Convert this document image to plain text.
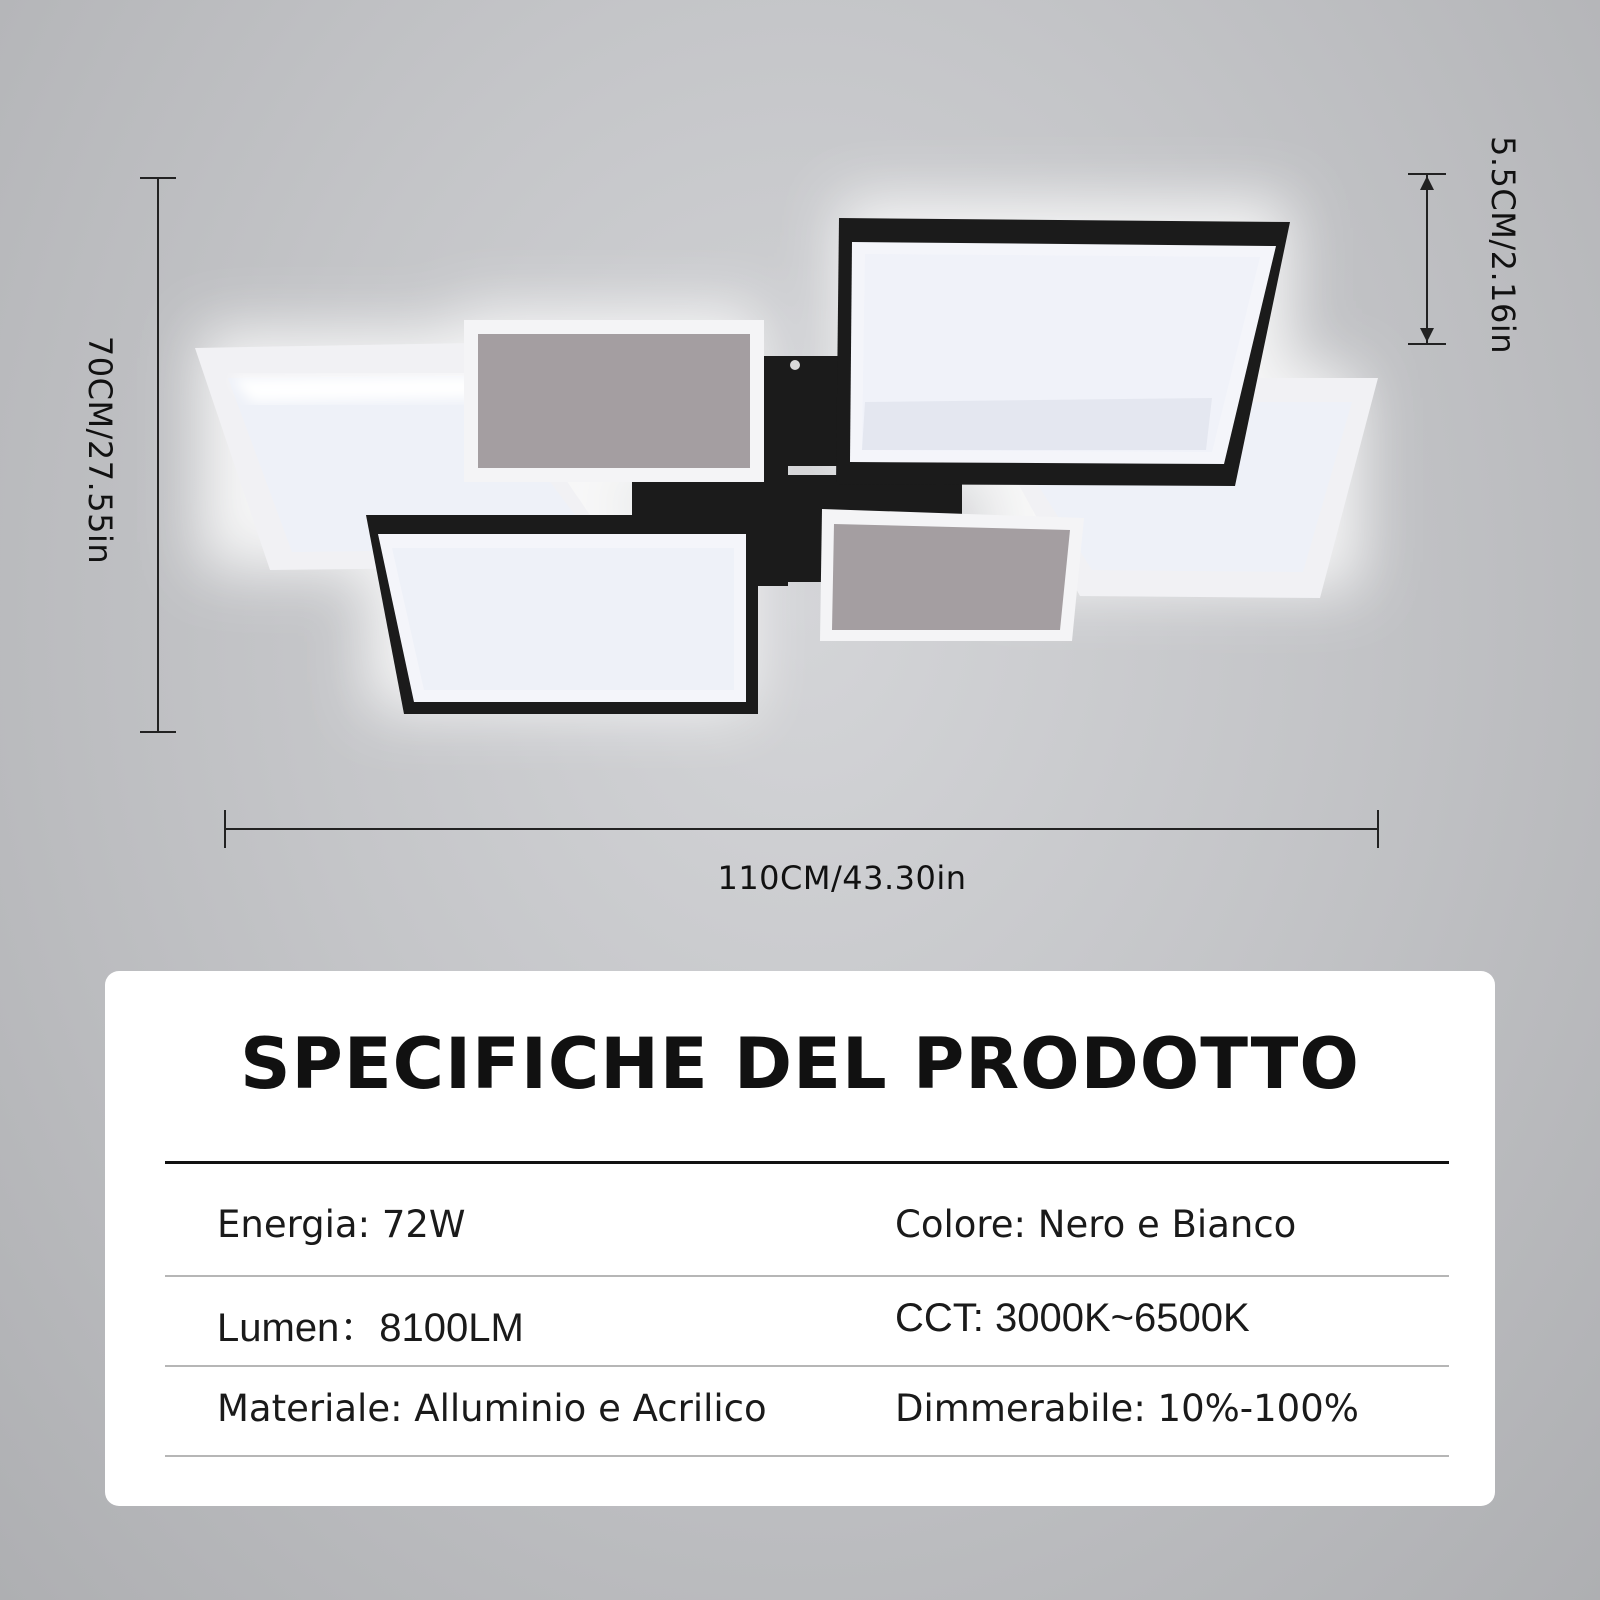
70CM/27.55in
5.5CM/2.16in
110CM/43.30in
SPECIFICHE DEL PRODOTTO
Energia: 72W	Colore: Nero e Bianco
Lumen：8100LM	CCT: 3000K~6500K
Materiale: Alluminio e Acrilico	Dimmerabile: 10%-100%
